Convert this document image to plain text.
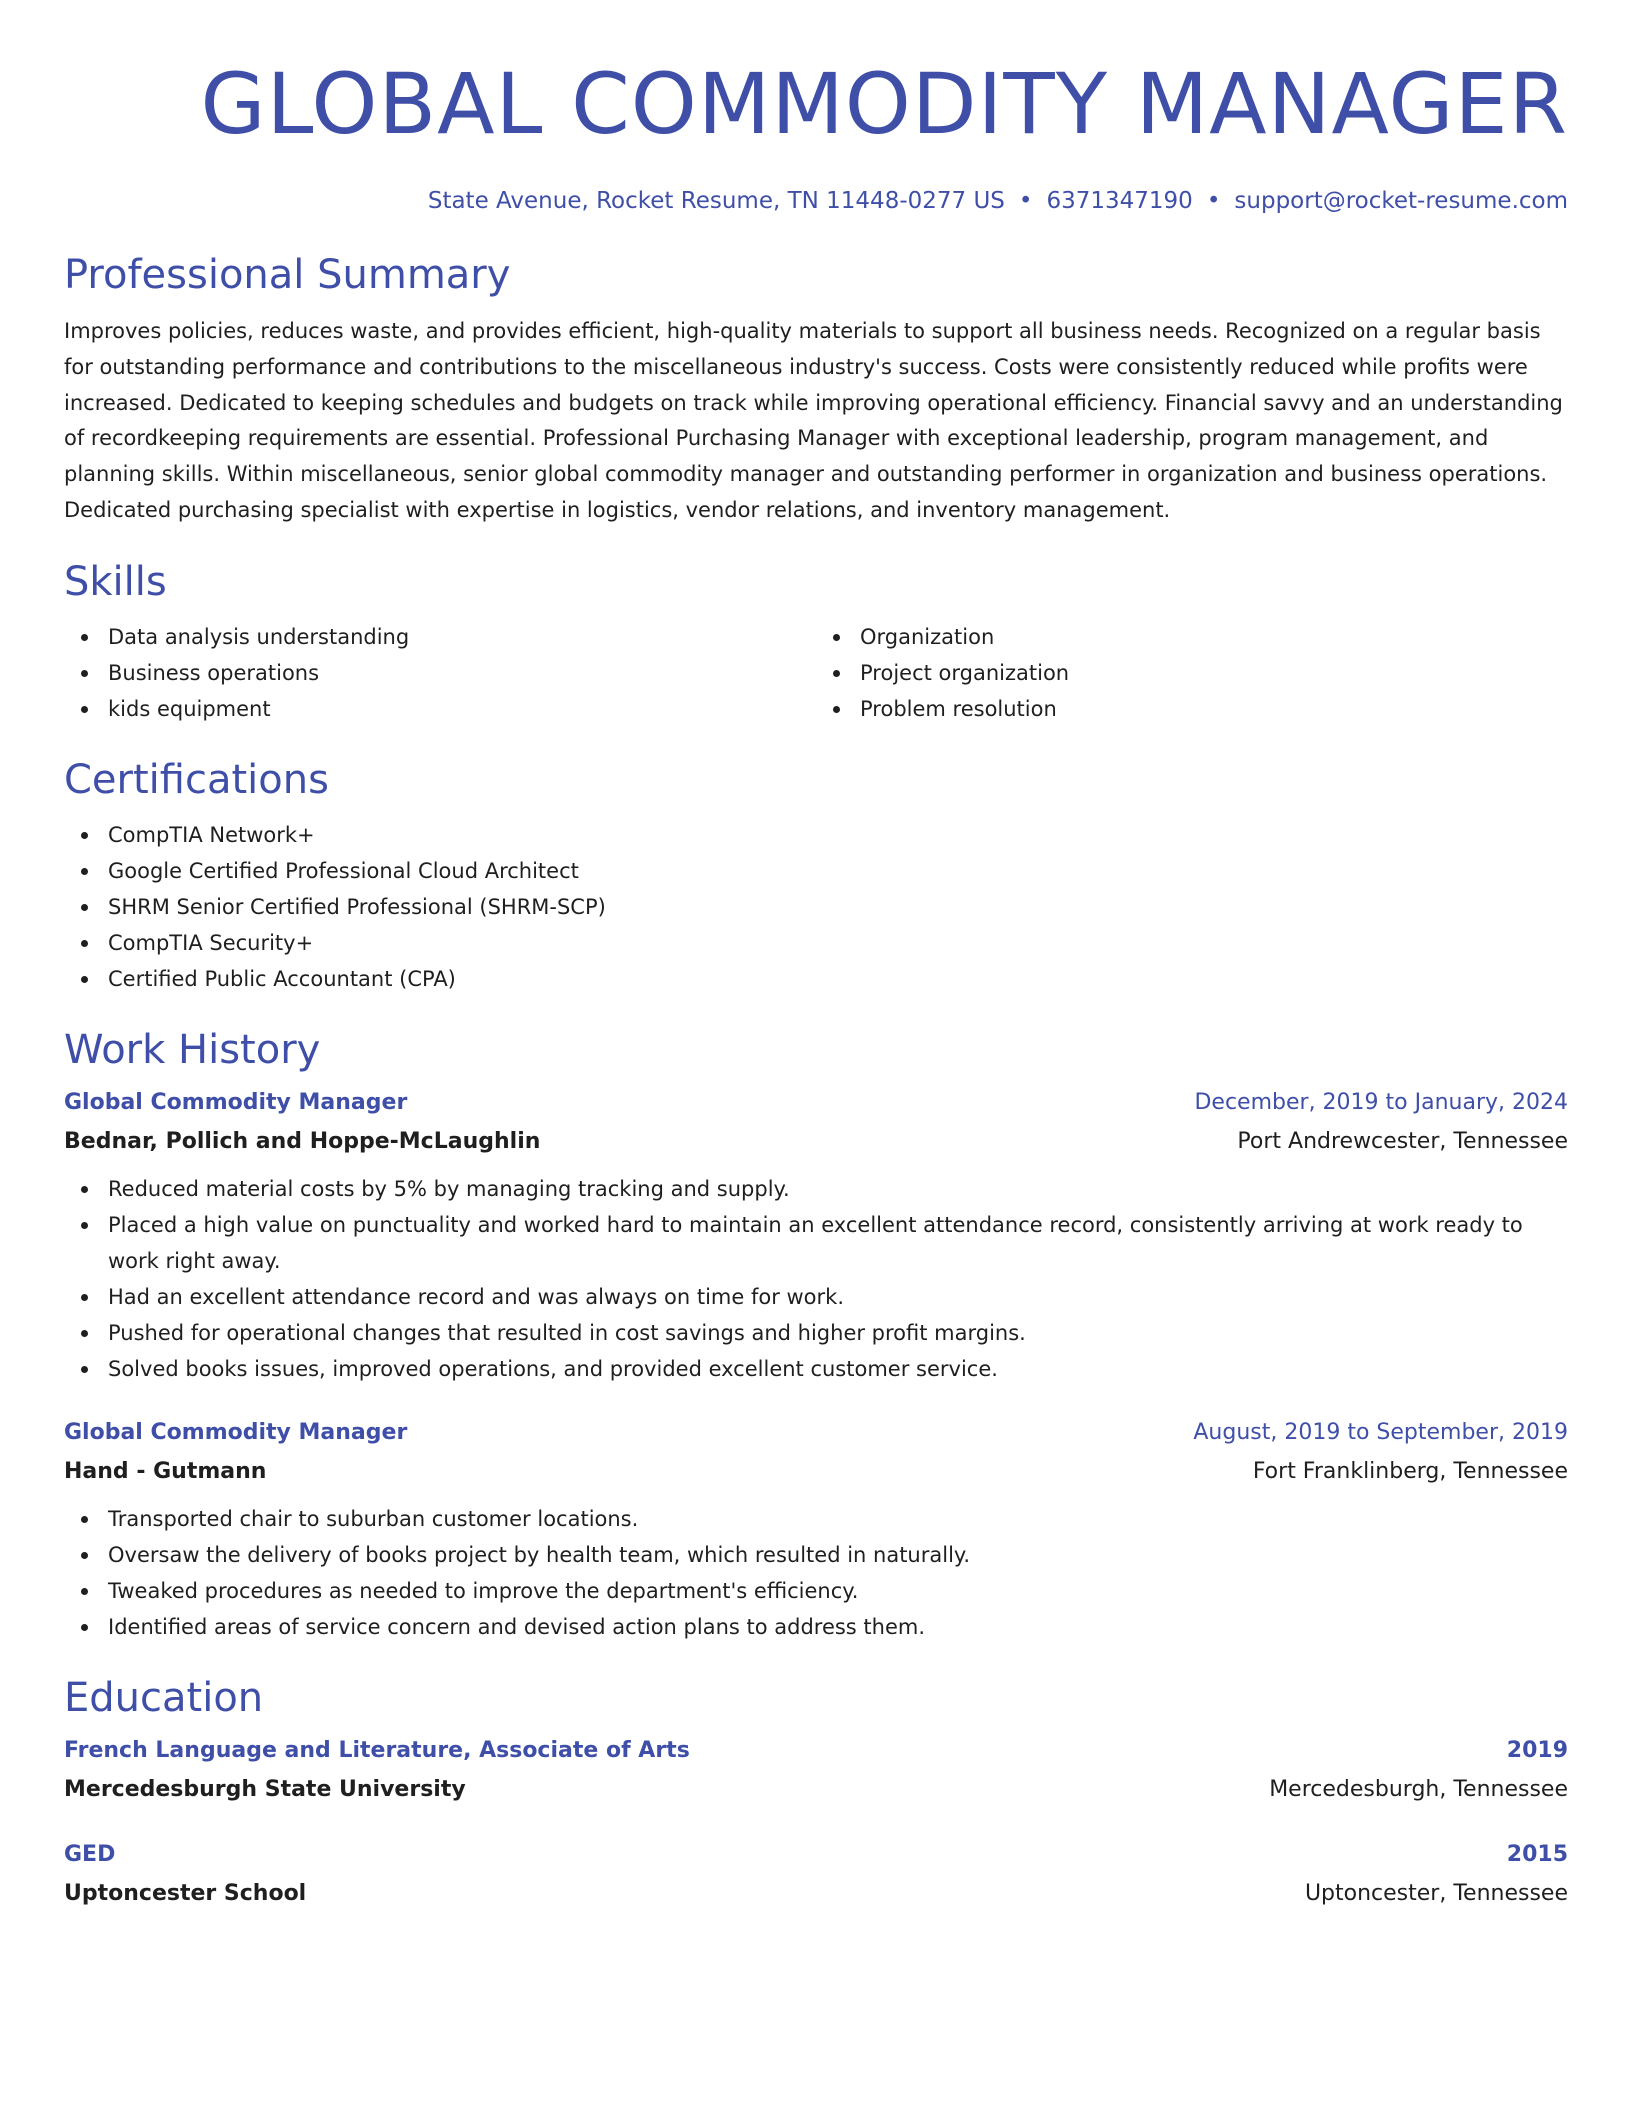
GLOBAL COMMODITY MANAGER
State Avenue, Rocket Resume, TN 11448-0277 US • 6371347190 • support@rocket-resume.com
Professional Summary

Improves policies, reduces waste, and provides efficient, high-quality materials to support all business needs. Recognized on a regular basis for outstanding performance and contributions to the miscellaneous industry's success. Costs were consistently reduced while profits were increased. Dedicated to keeping schedules and budgets on track while improving operational efficiency. Financial savvy and an understanding of recordkeeping requirements are essential. Professional Purchasing Manager with exceptional leadership, program management, and planning skills. Within miscellaneous, senior global commodity manager and outstanding performer in organization and business operations. Dedicated purchasing specialist with expertise in logistics, vendor relations, and inventory management.

Skills
Data analysis understanding
Business operations
kids equipment
Organization
Project organization
Problem resolution
Certifications
CompTIA Network+
Google Certified Professional Cloud Architect
SHRM Senior Certified Professional (SHRM-SCP)
CompTIA Security+
Certified Public Accountant (CPA)
Work History
Global Commodity Manager	December, 2019 to January, 2024
Bednar, Pollich and Hoppe-McLaughlin	Port Andrewcester, Tennessee
Reduced material costs by 5% by managing tracking and supply.
Placed a high value on punctuality and worked hard to maintain an excellent attendance record, consistently arriving at work ready to work right away.
Had an excellent attendance record and was always on time for work.
Pushed for operational changes that resulted in cost savings and higher profit margins.
Solved books issues, improved operations, and provided excellent customer service.
Global Commodity Manager	August, 2019 to September, 2019
Hand - Gutmann	Fort Franklinberg, Tennessee
Transported chair to suburban customer locations.
Oversaw the delivery of books project by health team, which resulted in naturally.
Tweaked procedures as needed to improve the department's efficiency.
Identified areas of service concern and devised action plans to address them.
Education
French Language and Literature, Associate of Arts	2019
Mercedesburgh State University	Mercedesburgh, Tennessee
GED	2015
Uptoncester School	Uptoncester, Tennessee
